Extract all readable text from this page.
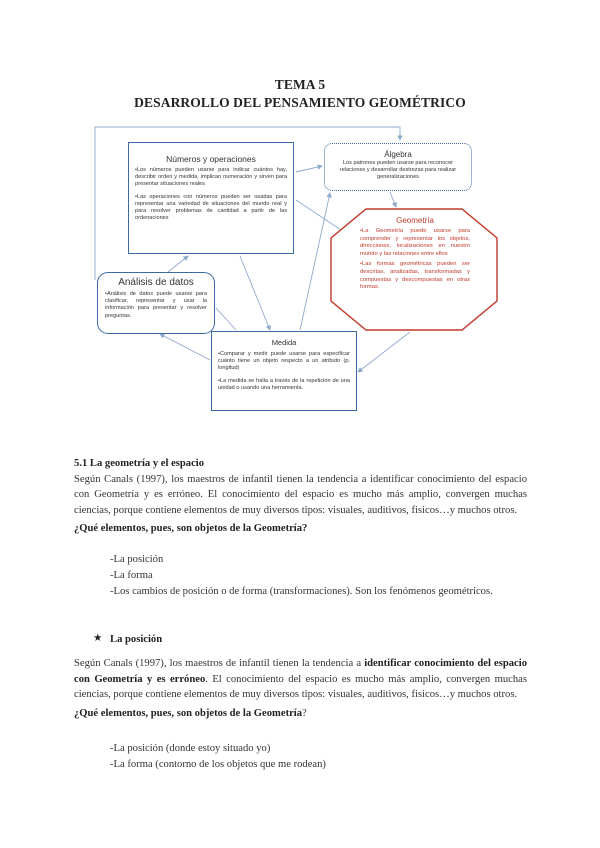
TEMA 5
DESARROLLO DEL PENSAMIENTO GEOMÉTRICO
Números y operaciones

•Los números pueden usarse para indicar cuántos hay, describir orden y medida, implican numeración y sirven para presentar situaciones reales

•Las operaciones con números pueden ser usadas para representar una variedad de situaciones del mundo real y para resolver problemas de cantidad a partir de las ordenaciones

Álgebra

Los patrones pueden usarse para reconocer relaciones y desarrollar destrezas para realizar generalizaciones

Geometría

•La Geometría puede usarse para comprender y representar los objetos, direcciones, localizaciones en nuestro mundo y las relaciones entre ellos

•Las formas geométricas pueden ser descritas, analizadas, transformadas y compuestas y descompuestas en otras formas.

Análisis de datos

•Análisis de datos puede usarse para clasificar, representar y usar la información para presentar y resolver preguntas.

Medida

•Comparar y medir puede usarse para especificar cuánto tiene un objeto respecto a un atributo (p. longitud)

•La medida se halla a través de la repetición de una unidad o usando una herramienta.

5.1 La geometría y el espacio

Según Canals (1997), los maestros de infantil tienen la tendencia a identificar conocimiento del espacio con Geometría y es erróneo. El conocimiento del espacio es mucho más amplio, convergen muchas ciencias, porque contiene elementos de muy diversos tipos: visuales, auditivos, fisicos…y muchos otros.

¿Qué elementos, pues, son objetos de la Geometría?

-La posición
-La forma
-Los cambios de posición o de forma (transformaciones). Son los fenómenos geométricos.
★ La posición

Según Canals (1997), los maestros de infantil tienen la tendencia a identificar conocimiento del espacio con Geometría y es erróneo. El conocimiento del espacio es mucho más amplio, convergen muchas ciencias, porque contiene elementos de muy diversos tipos: visuales, auditivos, fisicos…y muchos otros.

¿Qué elementos, pues, son objetos de la Geometría?

-La posición (donde estoy situado yo)
-La forma (contorno de los objetos que me rodean)
